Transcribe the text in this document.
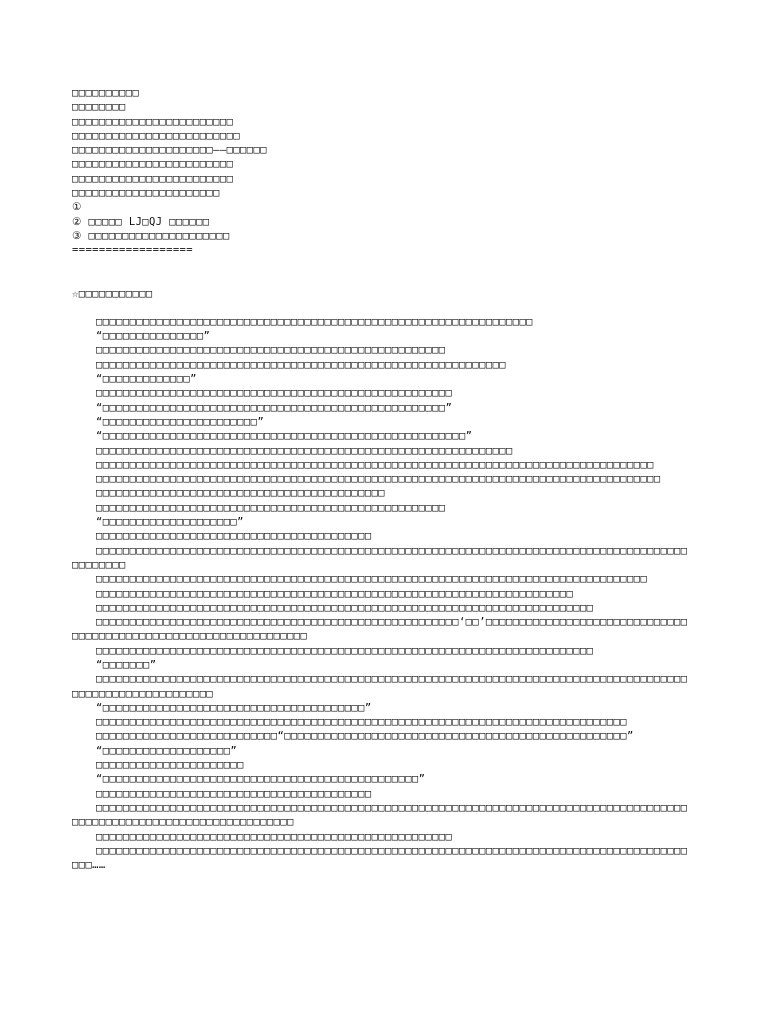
□□□□□□□□□□
□□□□□□□□
□□□□□□□□□□□□□□□□□□□□□□□□
□□□□□□□□□□□□□□□□□□□□□□□□□
□□□□□□□□□□□□□□□□□□□□□——□□□□□□
□□□□□□□□□□□□□□□□□□□□□□□□
□□□□□□□□□□□□□□□□□□□□□□□□
□□□□□□□□□□□□□□□□□□□□□□
①
② □□□□□ LJ□QJ □□□□□□
③ □□□□□□□□□□□□□□□□□□□□□
==================
☆□□□□□□□□□□□

□□□□□□□□□□□□□□□□□□□□□□□□□□□□□□□□□□□□□□□□□□□□□□□□□□□□□□□□□□□□□□□□□

“□□□□□□□□□□□□□□□”

□□□□□□□□□□□□□□□□□□□□□□□□□□□□□□□□□□□□□□□□□□□□□□□□□□□□

□□□□□□□□□□□□□□□□□□□□□□□□□□□□□□□□□□□□□□□□□□□□□□□□□□□□□□□□□□□□□

“□□□□□□□□□□□□□”

□□□□□□□□□□□□□□□□□□□□□□□□□□□□□□□□□□□□□□□□□□□□□□□□□□□□□

“□□□□□□□□□□□□□□□□□□□□□□□□□□□□□□□□□□□□□□□□□□□□□□□□□□□”

“□□□□□□□□□□□□□□□□□□□□□□□”

“□□□□□□□□□□□□□□□□□□□□□□□□□□□□□□□□□□□□□□□□□□□□□□□□□□□□□□”

□□□□□□□□□□□□□□□□□□□□□□□□□□□□□□□□□□□□□□□□□□□□□□□□□□□□□□□□□□□□□□

□□□□□□□□□□□□□□□□□□□□□□□□□□□□□□□□□□□□□□□□□□□□□□□□□□□□□□□□□□□□□□□□□□□□□□□□□□□□□□□□□□□

□□□□□□□□□□□□□□□□□□□□□□□□□□□□□□□□□□□□□□□□□□□□□□□□□□□□□□□□□□□□□□□□□□□□□□□□□□□□□□□□□□□□

□□□□□□□□□□□□□□□□□□□□□□□□□□□□□□□□□□□□□□□□□□□

□□□□□□□□□□□□□□□□□□□□□□□□□□□□□□□□□□□□□□□□□□□□□□□□□□□□

“□□□□□□□□□□□□□□□□□□□□”

□□□□□□□□□□□□□□□□□□□□□□□□□□□□□□□□□□□□□□□□□

□□□□□□□□□□□□□□□□□□□□□□□□□□□□□□□□□□□□□□□□□□□□□□□□□□□□□□□□□□□□□□□□□□□□□□□□□□□□□□□□□□□□□□□□□□□□□□□□

□□□□□□□□□□□□□□□□□□□□□□□□□□□□□□□□□□□□□□□□□□□□□□□□□□□□□□□□□□□□□□□□□□□□□□□□□□□□□□□□□□

□□□□□□□□□□□□□□□□□□□□□□□□□□□□□□□□□□□□□□□□□□□□□□□□□□□□□□□□□□□□□□□□□□□□□□□

□□□□□□□□□□□□□□□□□□□□□□□□□□□□□□□□□□□□□□□□□□□□□□□□□□□□□□□□□□□□□□□□□□□□□□□□□□

□□□□□□□□□□□□□□□□□□□□□□□□□□□□□□□□□□□□□□□□□□□□□□□□□□□□□□‘□□’□□□□□□□□□□□□□□□□□□□□□□□□□□□□□□□□□□□□□□□□□□□□□□□□□□□□□□□□□□□□□□□□□

□□□□□□□□□□□□□□□□□□□□□□□□□□□□□□□□□□□□□□□□□□□□□□□□□□□□□□□□□□□□□□□□□□□□□□□□□□

“□□□□□□□”

□□□□□□□□□□□□□□□□□□□□□□□□□□□□□□□□□□□□□□□□□□□□□□□□□□□□□□□□□□□□□□□□□□□□□□□□□□□□□□□□□□□□□□□□□□□□□□□□□□□□□□□□□□□□□

“□□□□□□□□□□□□□□□□□□□□□□□□□□□□□□□□□□□□□□□”

□□□□□□□□□□□□□□□□□□□□□□□□□□□□□□□□□□□□□□□□□□□□□□□□□□□□□□□□□□□□□□□□□□□□□□□□□□□□□□□

□□□□□□□□□□□□□□□□□□□□□□□□□□□“□□□□□□□□□□□□□□□□□□□□□□□□□□□□□□□□□□□□□□□□□□□□□□□□□□□”

“□□□□□□□□□□□□□□□□□□□”

□□□□□□□□□□□□□□□□□□□□□□

“□□□□□□□□□□□□□□□□□□□□□□□□□□□□□□□□□□□□□□□□□□□□□□□”

□□□□□□□□□□□□□□□□□□□□□□□□□□□□□□□□□□□□□□□□□

□□□□□□□□□□□□□□□□□□□□□□□□□□□□□□□□□□□□□□□□□□□□□□□□□□□□□□□□□□□□□□□□□□□□□□□□□□□□□□□□□□□□□□□□□□□□□□□□□□□□□□□□□□□□□□□□□□□□□□□□□

□□□□□□□□□□□□□□□□□□□□□□□□□□□□□□□□□□□□□□□□□□□□□□□□□□□□□

□□□□□□□□□□□□□□□□□□□□□□□□□□□□□□□□□□□□□□□□□□□□□□□□□□□□□□□□□□□□□□□□□□□□□□□□□□□□□□□□□□□□□□□□□□□……
